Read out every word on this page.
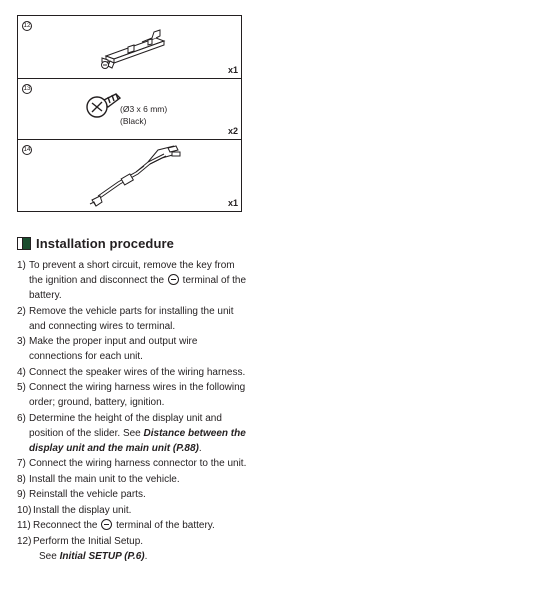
12
x1
13
(Ø3 x 6 mm)
(Black)
x2
14
x1
Installation procedure
1) To prevent a short circuit, remove the key from the ignition and disconnect the terminal of the battery.
2) Remove the vehicle parts for installing the unit and connecting wires to terminal.
3) Make the proper input and output wire connections for each unit.
4) Connect the speaker wires of the wiring harness.
5) Connect the wiring harness wires in the following order; ground, battery, ignition.
6) Determine the height of the display unit and position of the slider. See Distance between the display unit and the main unit (P.88).
7) Connect the wiring harness connector to the unit.
8) Install the main unit to the vehicle.
9) Reinstall the vehicle parts.
10) Install the display unit.
11) Reconnect the terminal of the battery.
12) Perform the Initial Setup.
See Initial SETUP (P.6).
